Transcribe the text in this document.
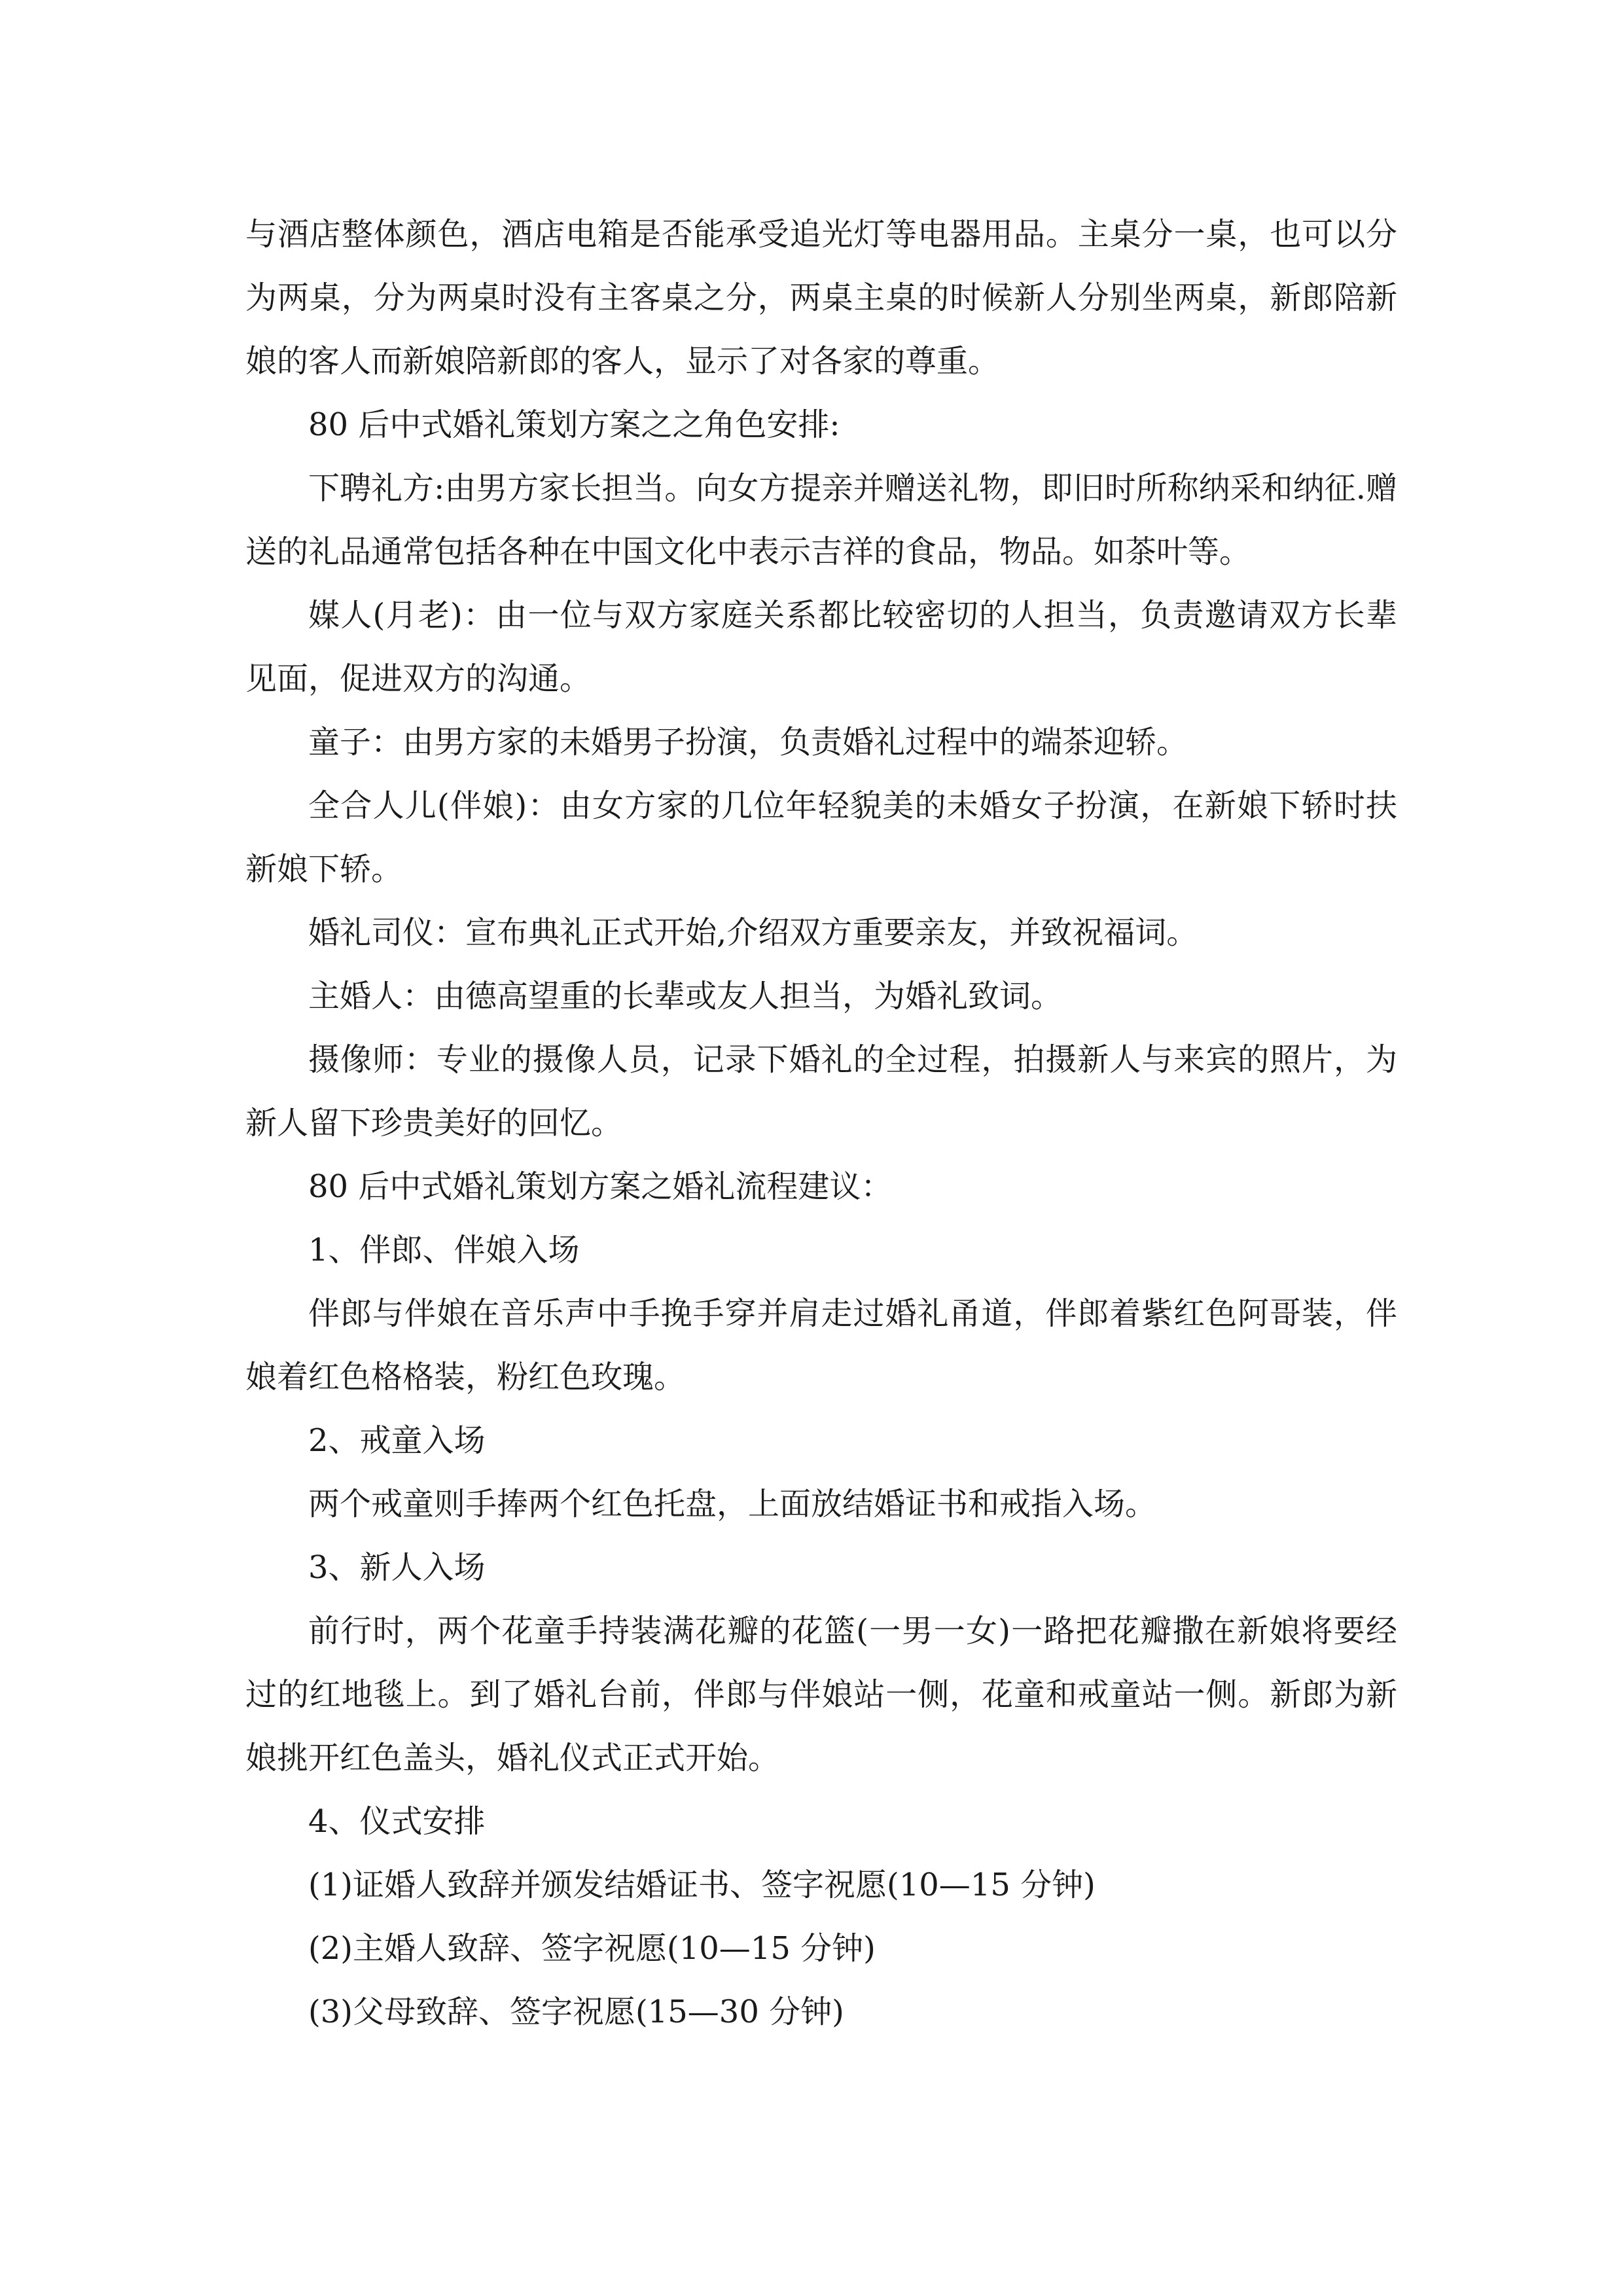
与酒店整体颜色，酒店电箱是否能承受追光灯等电器用品。主桌分一桌，也可以分为两桌，分为两桌时没有主客桌之分，两桌主桌的时候新人分别坐两桌，新郎陪新娘的客人而新娘陪新郎的客人，显示了对各家的尊重。

80 后中式婚礼策划方案之之角色安排:

下聘礼方:由男方家长担当。向女方提亲并赠送礼物，即旧时所称纳采和纳征.赠送的礼品通常包括各种在中国文化中表示吉祥的食品，物品。如茶叶等。

媒人(月老)：由一位与双方家庭关系都比较密切的人担当，负责邀请双方长辈见面，促进双方的沟通。

童子：由男方家的未婚男子扮演，负责婚礼过程中的端茶迎轿。

全合人儿(伴娘)：由女方家的几位年轻貌美的未婚女子扮演，在新娘下轿时扶新娘下轿。

婚礼司仪：宣布典礼正式开始,介绍双方重要亲友，并致祝福词。

主婚人：由德高望重的长辈或友人担当，为婚礼致词。

摄像师：专业的摄像人员，记录下婚礼的全过程，拍摄新人与来宾的照片，为新人留下珍贵美好的回忆。

80 后中式婚礼策划方案之婚礼流程建议：

1、伴郎、伴娘入场

伴郎与伴娘在音乐声中手挽手穿并肩走过婚礼甬道，伴郎着紫红色阿哥装，伴娘着红色格格装，粉红色玫瑰。

2、戒童入场

两个戒童则手捧两个红色托盘，上面放结婚证书和戒指入场。

3、新人入场

前行时，两个花童手持装满花瓣的花篮(一男一女)一路把花瓣撒在新娘将要经过的红地毯上。到了婚礼台前，伴郎与伴娘站一侧，花童和戒童站一侧。新郎为新娘挑开红色盖头，婚礼仪式正式开始。

4、仪式安排

(1)证婚人致辞并颁发结婚证书、签字祝愿(10—15 分钟)

(2)主婚人致辞、签字祝愿(10—15 分钟)

(3)父母致辞、签字祝愿(15—30 分钟)
